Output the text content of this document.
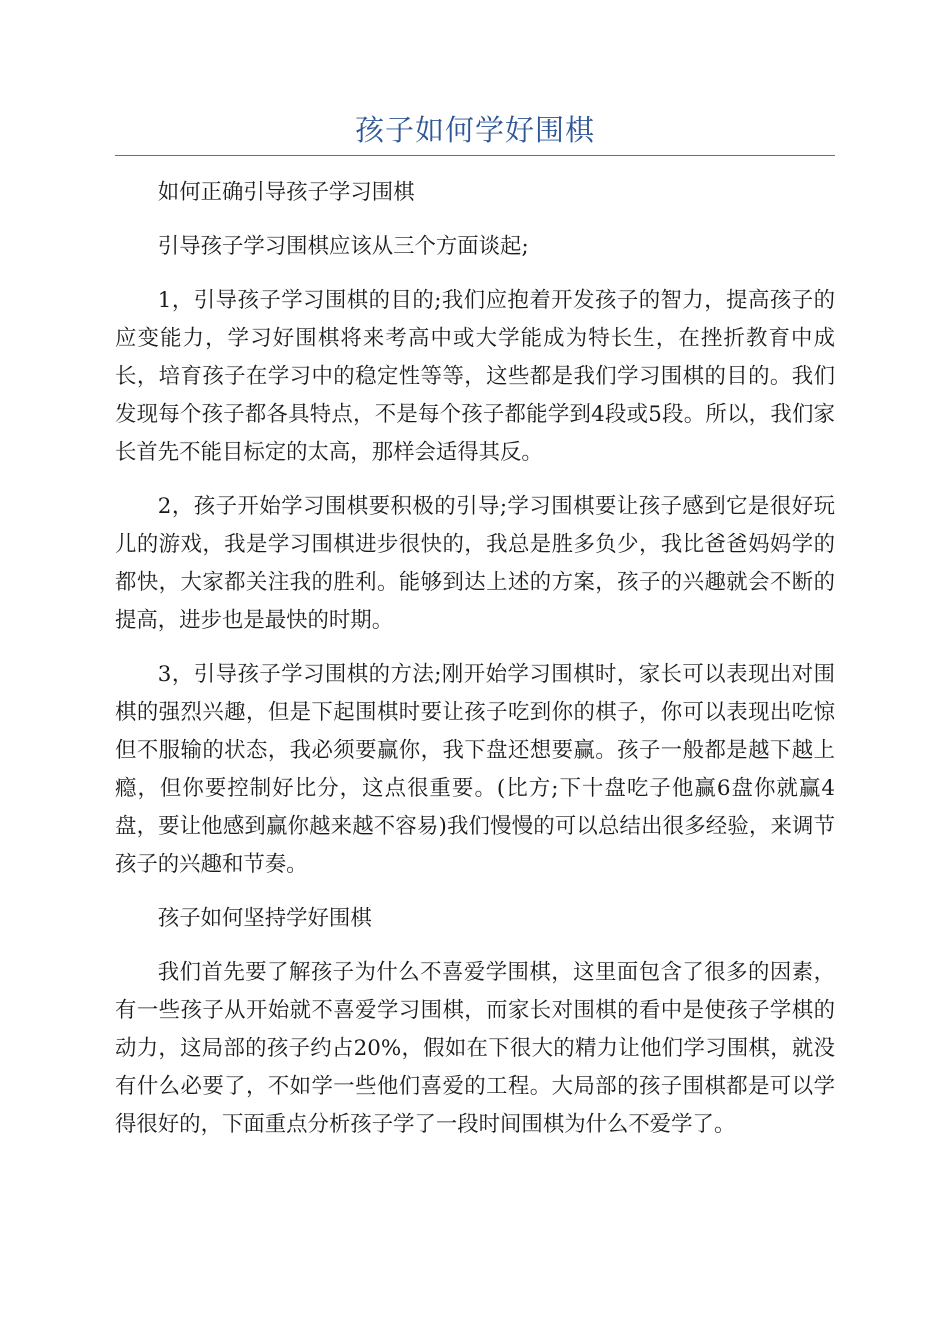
孩子如何学好围棋

如何正确引导孩子学习围棋

引导孩子学习围棋应该从三个方面谈起;

1，引导孩子学习围棋的目的;我们应抱着开发孩子的智力，提高孩子的应变能力，学习好围棋将来考高中或大学能成为特长生，在挫折教育中成长，培育孩子在学习中的稳定性等等，这些都是我们学习围棋的目的。我们发现每个孩子都各具特点，不是每个孩子都能学到4段或5段。所以，我们家长首先不能目标定的太高，那样会适得其反。

2，孩子开始学习围棋要积极的引导;学习围棋要让孩子感到它是很好玩儿的游戏，我是学习围棋进步很快的，我总是胜多负少，我比爸爸妈妈学的都快，大家都关注我的胜利。能够到达上述的方案，孩子的兴趣就会不断的提高，进步也是最快的时期。

3，引导孩子学习围棋的方法;刚开始学习围棋时，家长可以表现出对围棋的强烈兴趣，但是下起围棋时要让孩子吃到你的棋子，你可以表现出吃惊但不服输的状态，我必须要赢你，我下盘还想要赢。孩子一般都是越下越上瘾，但你要控制好比分，这点很重要。(比方;下十盘吃子他赢6盘你就赢4盘，要让他感到赢你越来越不容易)我们慢慢的可以总结出很多经验，来调节孩子的兴趣和节奏。

孩子如何坚持学好围棋

我们首先要了解孩子为什么不喜爱学围棋，这里面包含了很多的因素，有一些孩子从开始就不喜爱学习围棋，而家长对围棋的看中是使孩子学棋的动力，这局部的孩子约占20%，假如在下很大的精力让他们学习围棋，就没有什么必要了，不如学一些他们喜爱的工程。大局部的孩子围棋都是可以学得很好的，下面重点分析孩子学了一段时间围棋为什么不爱学了。
